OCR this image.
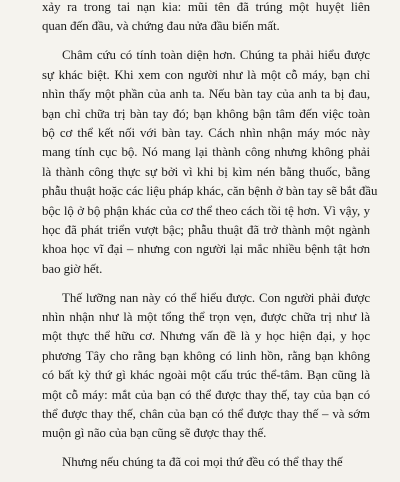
xảy ra trong tai nạn kia: mũi tên đã trúng một huyệt liên
quan đến đầu, và chứng đau nửa đầu biến mất.
Châm cứu có tính toàn diện hơn. Chúng ta phải hiểu được
sự khác biệt. Khi xem con người như là một cỗ máy, bạn chỉ
nhìn thấy một phần của anh ta. Nếu bàn tay của anh ta bị đau,
bạn chỉ chữa trị bàn tay đó; bạn không bận tâm đến việc toàn
bộ cơ thể kết nối với bàn tay. Cách nhìn nhận máy móc này
mang tính cục bộ. Nó mang lại thành công nhưng không phải
là thành công thực sự bởi vì khi bị kìm nén bằng thuốc, bằng
phẫu thuật hoặc các liệu pháp khác, căn bệnh ở bàn tay sẽ bắt đầu
bộc lộ ở bộ phận khác của cơ thể theo cách tồi tệ hơn. Vì vậy, y
học đã phát triển vượt bậc; phẫu thuật đã trở thành một ngành
khoa học vĩ đại – nhưng con người lại mắc nhiều bệnh tật hơn
bao giờ hết.
Thế lưỡng nan này có thể hiểu được. Con người phải được
nhìn nhận như là một tổng thể trọn vẹn, được chữa trị như là
một thực thể hữu cơ. Nhưng vấn đề là y học hiện đại, y học
phương Tây cho rằng bạn không có linh hồn, rằng bạn không
có bất kỳ thứ gì khác ngoài một cấu trúc thể-tâm. Bạn cũng là
một cỗ máy: mắt của bạn có thể được thay thế, tay của bạn có
thể được thay thế, chân của bạn có thể được thay thế – và sớm
muộn gì não của bạn cũng sẽ được thay thế.
Nhưng nếu chúng ta đã coi mọi thứ đều có thể thay thế
